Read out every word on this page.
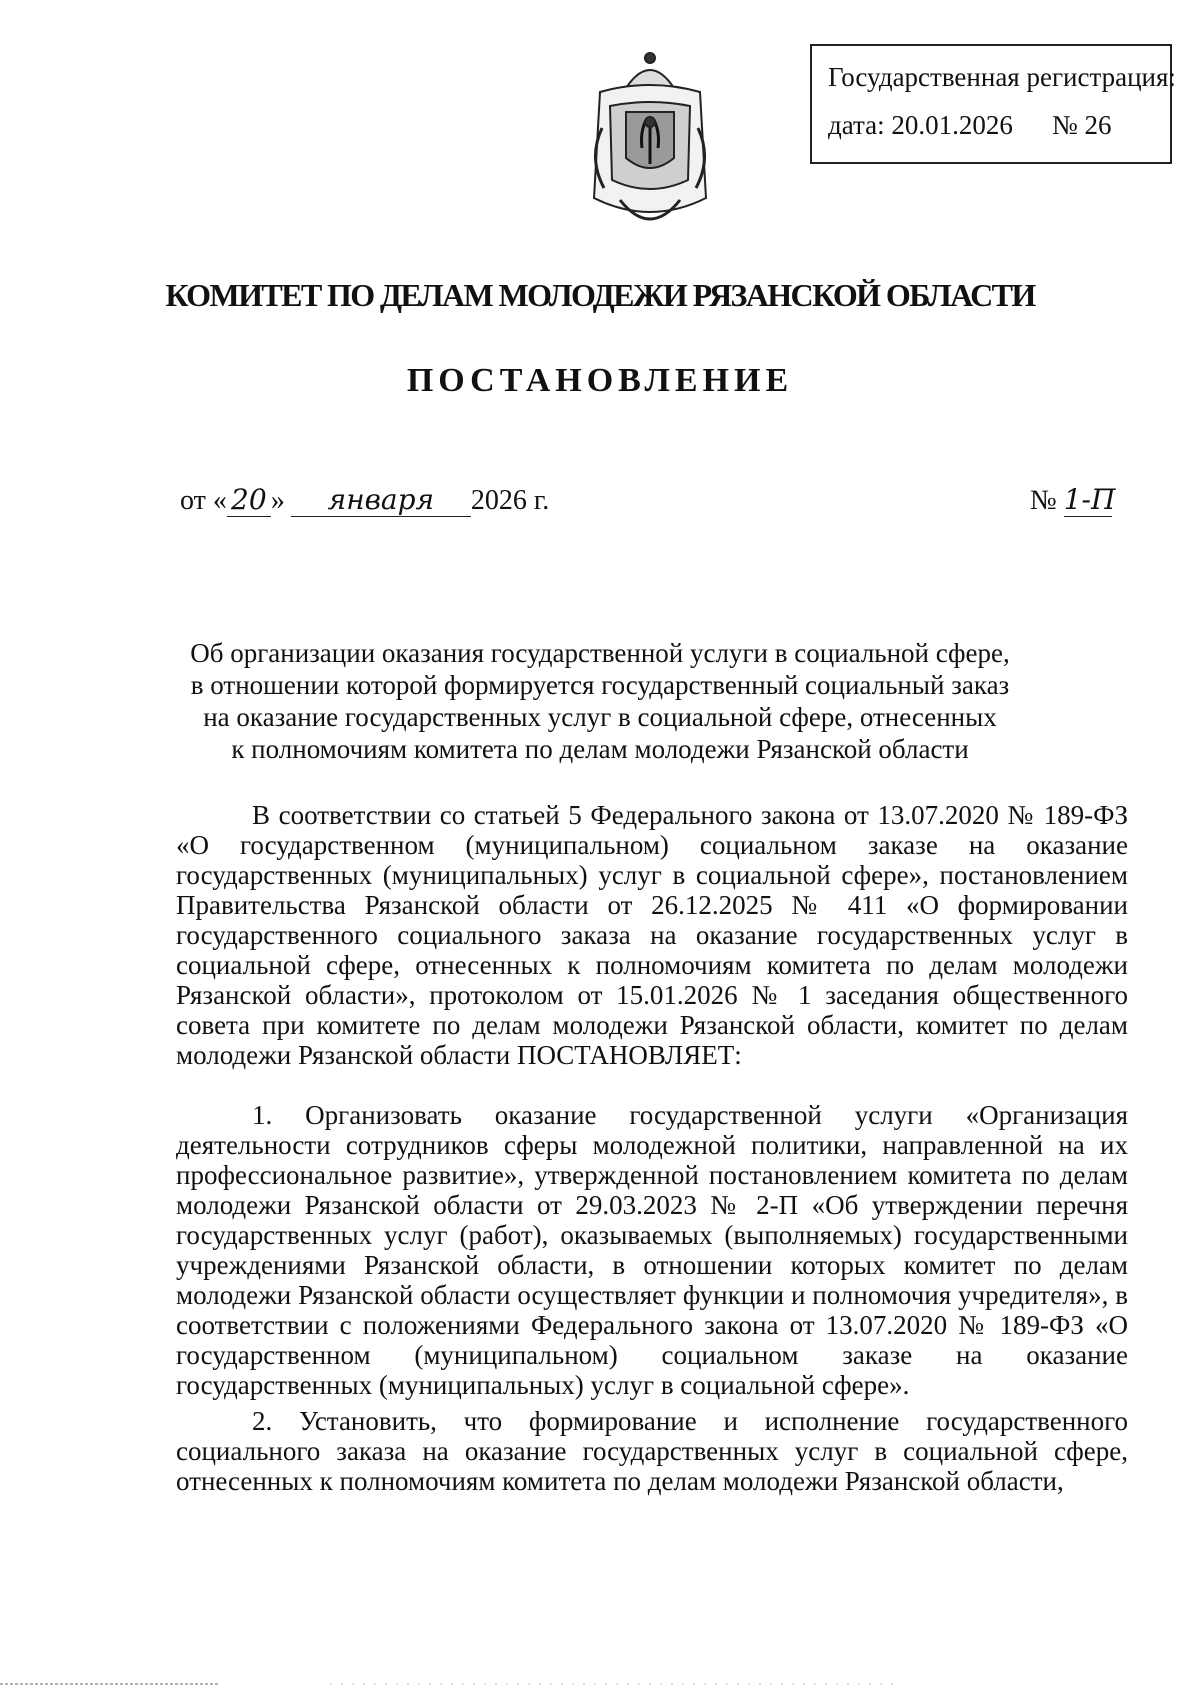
Государственная регистрация:
дата: 20.01.2026 № 26
КОМИТЕТ ПО ДЕЛАМ МОЛОДЕЖИ РЯЗАНСКОЙ ОБЛАСТИ
ПОСТАНОВЛЕНИЕ
от « 20 » января 2026 г.	№ 1-П
Об организации оказания государственной услуги в социальной сфере,
в отношении которой формируется государственный социальный заказ
на оказание государственных услуг в социальной сфере, отнесенных
к полномочиям комитета по делам молодежи Рязанской области

В соответствии со статьей 5 Федерального закона от 13.07.2020 № 189-ФЗ «О государственном (муниципальном) социальном заказе на оказание государственных (муниципальных) услуг в социальной сфере», постановлением Правительства Рязанской области от 26.12.2025 № 411 «О формировании государственного социального заказа на оказание государственных услуг в социальной сфере, отнесенных к полномочиям комитета по делам молодежи Рязанской области», протоколом от 15.01.2026 № 1 заседания общественного совета при комитете по делам молодежи Рязанской области, комитет по делам молодежи Рязанской области ПОСТАНОВЛЯЕТ:

1. Организовать оказание государственной услуги «Организация деятельности сотрудников сферы молодежной политики, направленной на их профессиональное развитие», утвержденной постановлением комитета по делам молодежи Рязанской области от 29.03.2023 № 2-П «Об утверждении перечня государственных услуг (работ), оказываемых (выполняемых) государственными учреждениями Рязанской области, в отношении которых комитет по делам молодежи Рязанской области осуществляет функции и полномочия учредителя», в соответствии с положениями Федерального закона от 13.07.2020 № 189-ФЗ «О государственном (муниципальном) социальном заказе на оказание государственных (муниципальных) услуг в социальной сфере».

2. Установить, что формирование и исполнение государственного социального заказа на оказание государственных услуг в социальной сфере, отнесенных к полномочиям комитета по делам молодежи Рязанской области,
